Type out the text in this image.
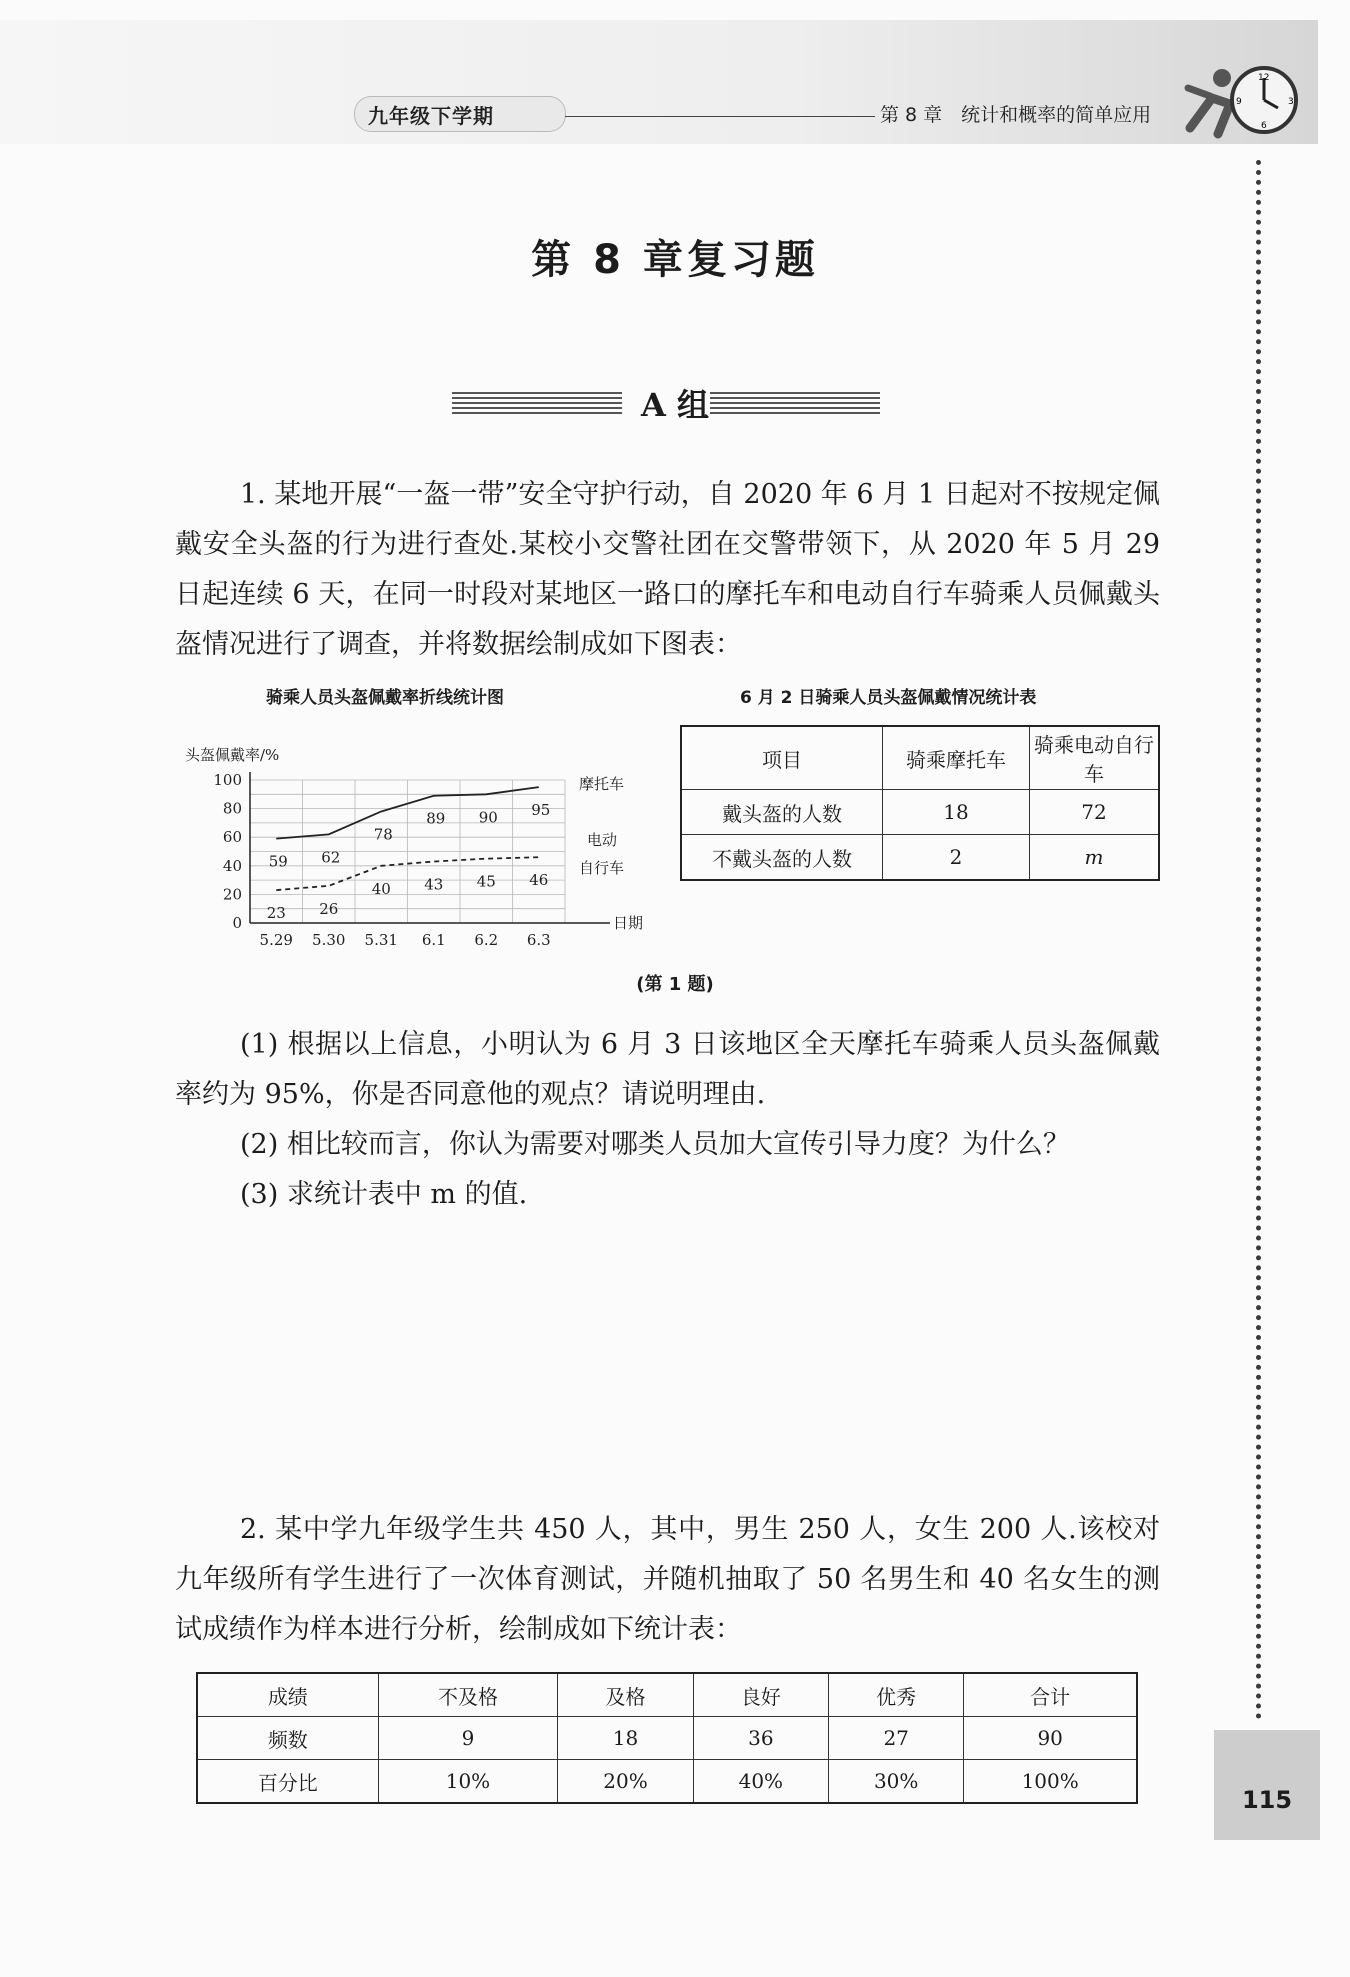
九年级下学期	第 8 章　统计和概率的简单应用
12
3
6
9
115
第 8 章复习题
A 组

1. 某地开展“一盔一带”安全守护行动，自 2020 年 6 月 1 日起对不按规定佩戴安全头盔的行为进行查处.某校小交警社团在交警带领下，从 2020 年 5 月 29 日起连续 6 天，在同一时段对某地区一路口的摩托车和电动自行车骑乘人员佩戴头盔情况进行了调查，并将数据绘制成如下图表：

骑乘人员头盔佩戴率折线统计图
0
20
40
60
80
100
5.29 5.30 5.31 6.1 6.2 6.3
日期
头盔佩戴率/%
59 62
78
89 90 95
23 26
40 43 45 46
摩托车
电动
自行车
6 月 2 日骑乘人员头盔佩戴情况统计表
项目	骑乘摩托车	骑乘电动自行车
戴头盔的人数	18	72
不戴头盔的人数	2	m
(第 1 题)

(1) 根据以上信息，小明认为 6 月 3 日该地区全天摩托车骑乘人员头盔佩戴率约为 95%，你是否同意他的观点？请说明理由.

(2) 相比较而言，你认为需要对哪类人员加大宣传引导力度？为什么？

(3) 求统计表中 m 的值.

2. 某中学九年级学生共 450 人，其中，男生 250 人，女生 200 人.该校对九年级所有学生进行了一次体育测试，并随机抽取了 50 名男生和 40 名女生的测试成绩作为样本进行分析，绘制成如下统计表：

成绩	不及格	及格	良好	优秀	合计
频数	9	18	36	27	90
百分比	10%	20%	40%	30%	100%
